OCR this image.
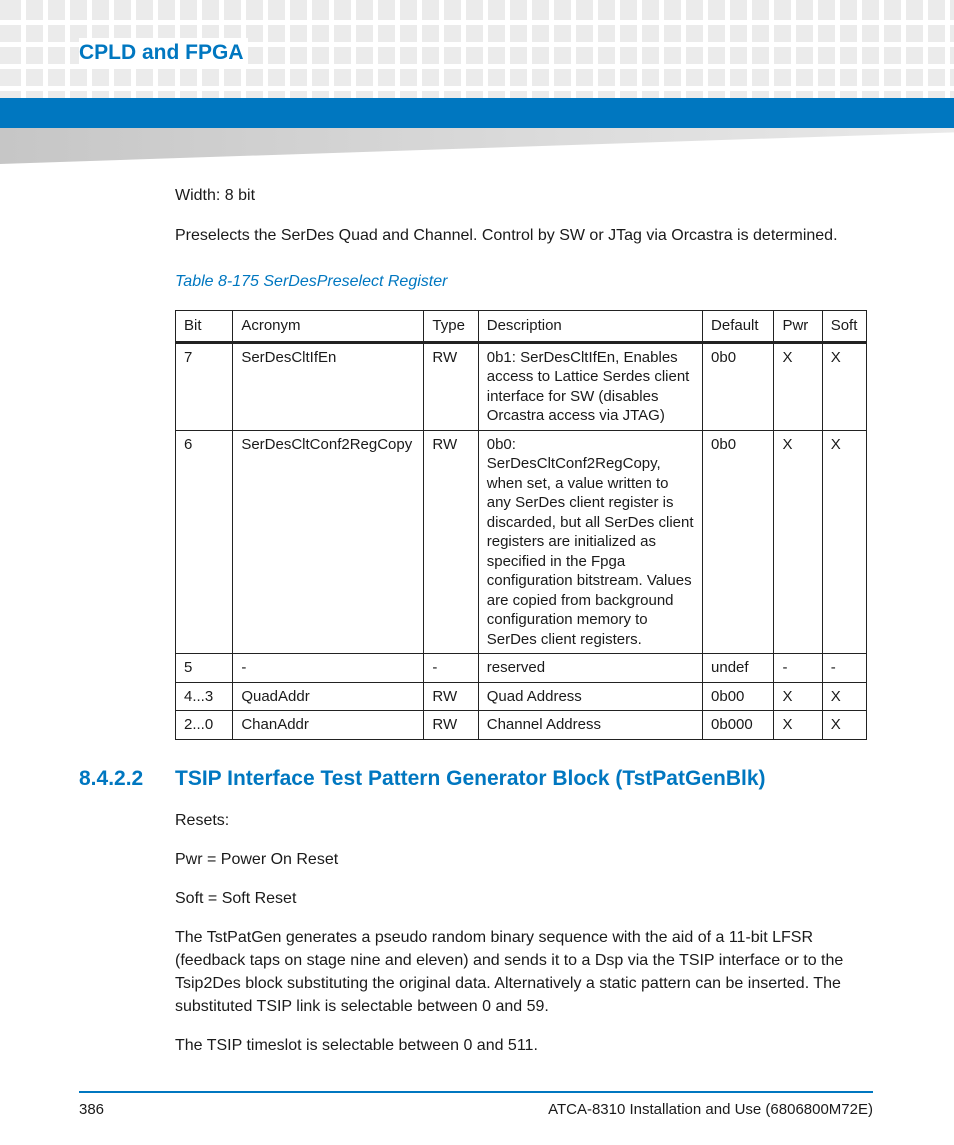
CPLD and FPGA

Width: 8 bit

Preselects the SerDes Quad and Channel. Control by SW or JTag via Orcastra is determined.

Table 8-175 SerDesPreselect Register

Bit	Acronym	Type	Description	Default	Pwr	Soft
7	SerDesCltIfEn	RW	0b1: SerDesCltIfEn, Enables access to Lattice Serdes client interface for SW (disables Orcastra access via JTAG)	0b0	X	X
6	SerDesCltConf2RegCopy	RW	0b0: SerDesCltConf2RegCopy, when set, a value written to any SerDes client register is discarded, but all SerDes client registers are initialized as specified in the Fpga configuration bitstream. Values are copied from background configuration memory to SerDes client registers.	0b0	X	X
5	-	-	reserved	undef	-	-
4...3	QuadAddr	RW	Quad Address	0b00	X	X
2...0	ChanAddr	RW	Channel Address	0b000	X	X
8.4.2.2 TSIP Interface Test Pattern Generator Block (TstPatGenBlk)

Resets:

Pwr = Power On Reset

Soft = Soft Reset

The TstPatGen generates a pseudo random binary sequence with the aid of a 11-bit LFSR (feedback taps on stage nine and eleven) and sends it to a Dsp via the TSIP interface or to the Tsip2Des block substituting the original data. Alternatively a static pattern can be inserted. The substituted TSIP link is selectable between 0 and 59.

The TSIP timeslot is selectable between 0 and 511.

386	ATCA-8310 Installation and Use (6806800M72E)
